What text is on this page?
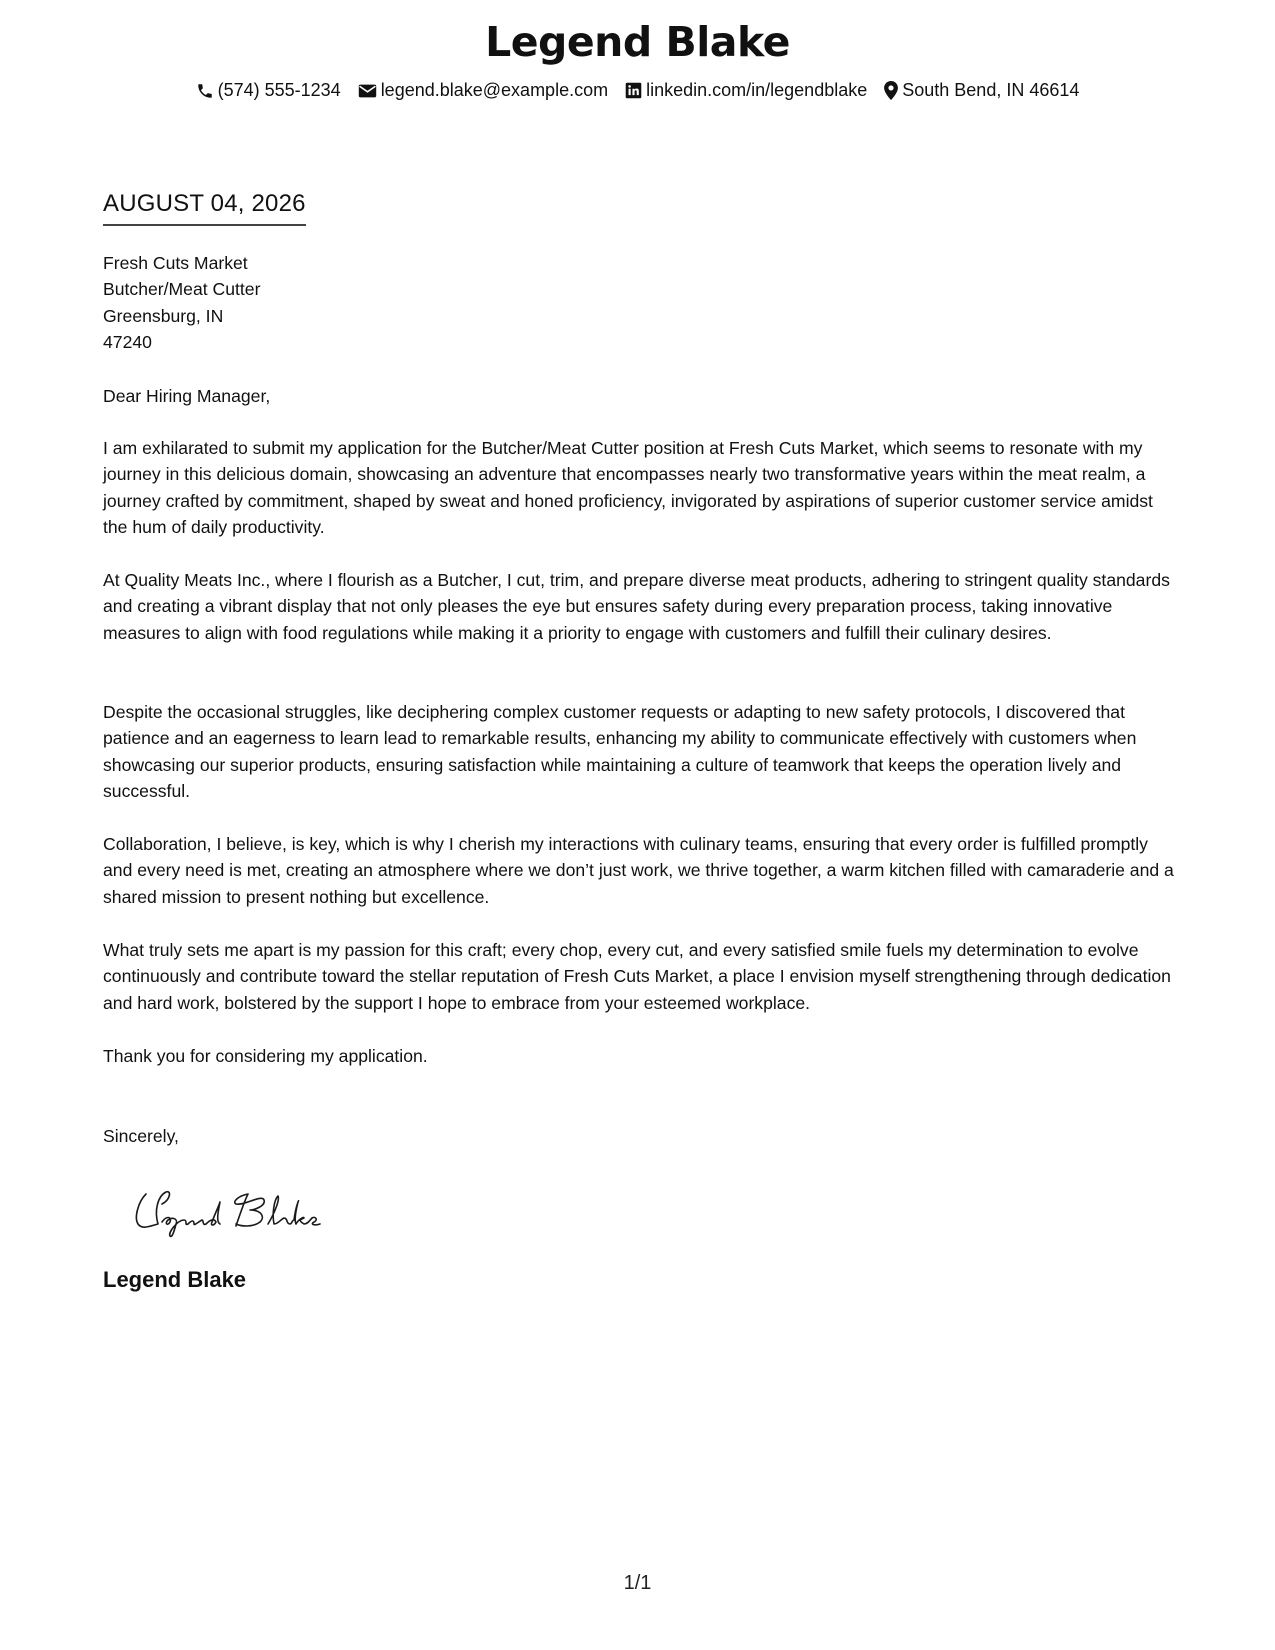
Legend Blake
(574) 555-1234 legend.blake@example.com linkedin.com/in/legendblake South Bend, IN 46614
AUGUST 04, 2026
Fresh Cuts Market
Butcher/Meat Cutter
Greensburg, IN
47240
Dear Hiring Manager,
I am exhilarated to submit my application for the Butcher/Meat Cutter position at Fresh Cuts Market, which seems to resonate with my journey in this delicious domain, showcasing an adventure that encompasses nearly two transformative years within the meat realm, a journey crafted by commitment, shaped by sweat and honed proficiency, invigorated by aspirations of superior customer service amidst the hum of daily productivity.
At Quality Meats Inc., where I flourish as a Butcher, I cut, trim, and prepare diverse meat products, adhering to stringent quality standards and creating a vibrant display that not only pleases the eye but ensures safety during every preparation process, taking innovative measures to align with food regulations while making it a priority to engage with customers and fulfill their culinary desires.
Despite the occasional struggles, like deciphering complex customer requests or adapting to new safety protocols, I discovered that patience and an eagerness to learn lead to remarkable results, enhancing my ability to communicate effectively with customers when showcasing our superior products, ensuring satisfaction while maintaining a culture of teamwork that keeps the operation lively and successful.
Collaboration, I believe, is key, which is why I cherish my interactions with culinary teams, ensuring that every order is fulfilled promptly and every need is met, creating an atmosphere where we don’t just work, we thrive together, a warm kitchen filled with camaraderie and a shared mission to present nothing but excellence.
What truly sets me apart is my passion for this craft; every chop, every cut, and every satisfied smile fuels my determination to evolve continuously and contribute toward the stellar reputation of Fresh Cuts Market, a place I envision myself strengthening through dedication and hard work, bolstered by the support I hope to embrace from your esteemed workplace.
Thank you for considering my application.
Sincerely,
Legend Blake
1/1
